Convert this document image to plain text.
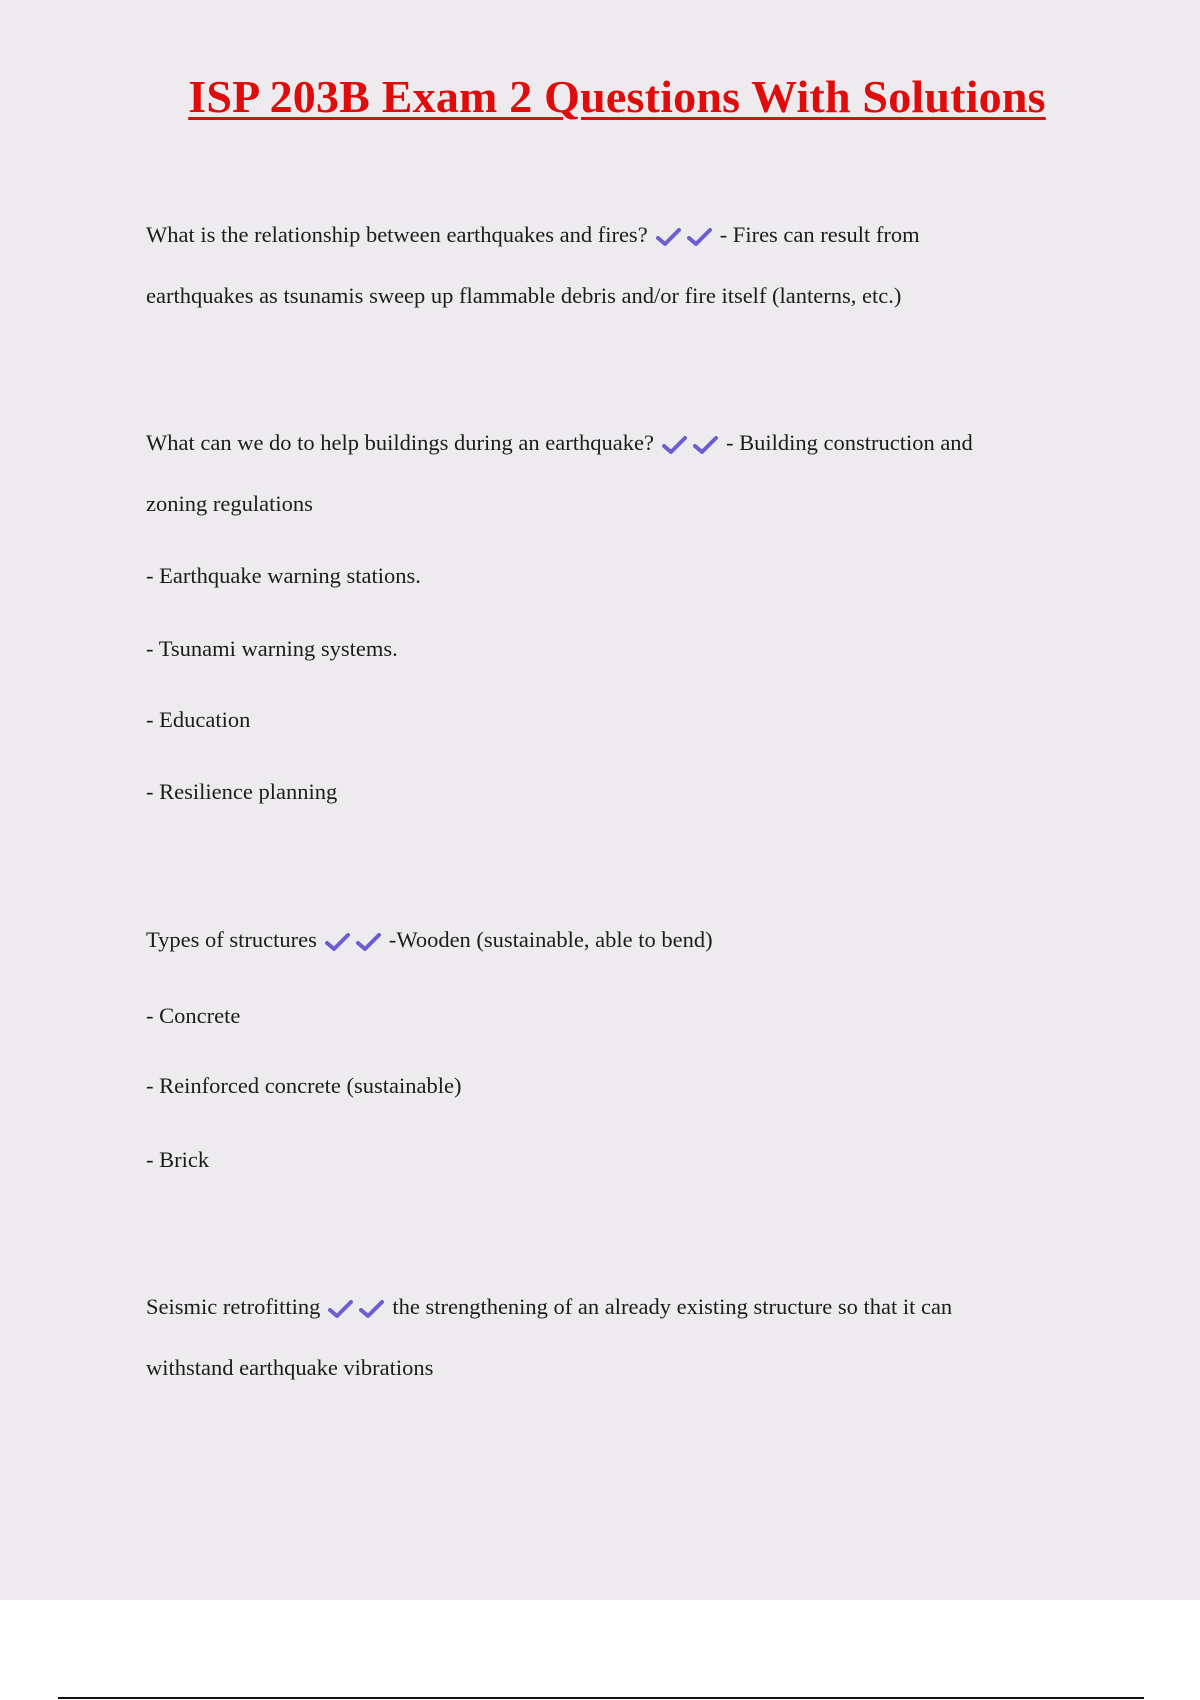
ISP 203B Exam 2 Questions With Solutions
What is the relationship between earthquakes and fires?	- Fires can result from
earthquakes as tsunamis sweep up flammable debris and/or fire itself (lanterns, etc.)
What can we do to help buildings during an earthquake?	- Building construction and
zoning regulations
- Earthquake warning stations.
- Tsunami warning systems.
- Education
- Resilience planning
Types of structures	-Wooden (sustainable, able to bend)
- Concrete
- Reinforced concrete (sustainable)
- Brick
Seismic retrofitting	the strengthening of an already existing structure so that it can
withstand earthquake vibrations
